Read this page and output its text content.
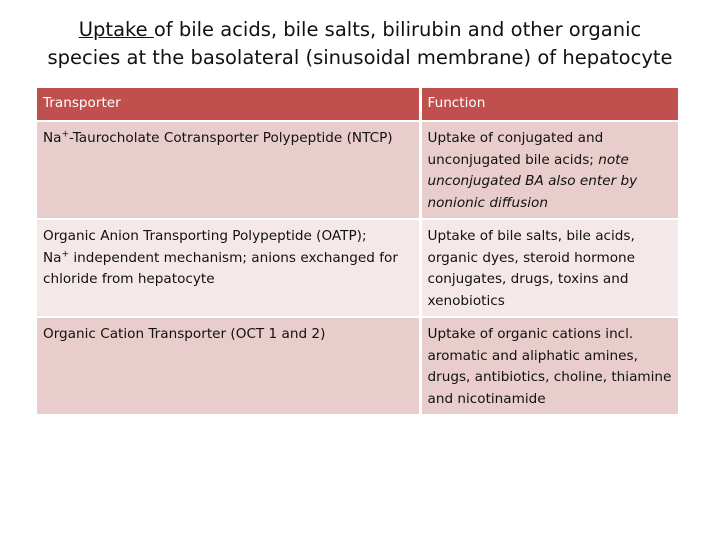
Uptake of bile acids, bile salts, bilirubin and other organic
species at the basolateral (sinusoidal membrane) of hepatocyte
Transporter	Function
Na+-Taurocholate Cotransporter Polypeptide (NTCP)	Uptake of conjugated and unconjugated bile acids; note unconjugated BA also enter by nonionic diffusion
Organic Anion Transporting Polypeptide (OATP);
Na+ independent mechanism; anions exchanged for chloride from hepatocyte	Uptake of bile salts, bile acids, organic dyes, steroid hormone conjugates, drugs, toxins and xenobiotics
Organic Cation Transporter (OCT 1 and 2)	Uptake of organic cations incl. aromatic and aliphatic amines, drugs, antibiotics, choline, thiamine and nicotinamide
